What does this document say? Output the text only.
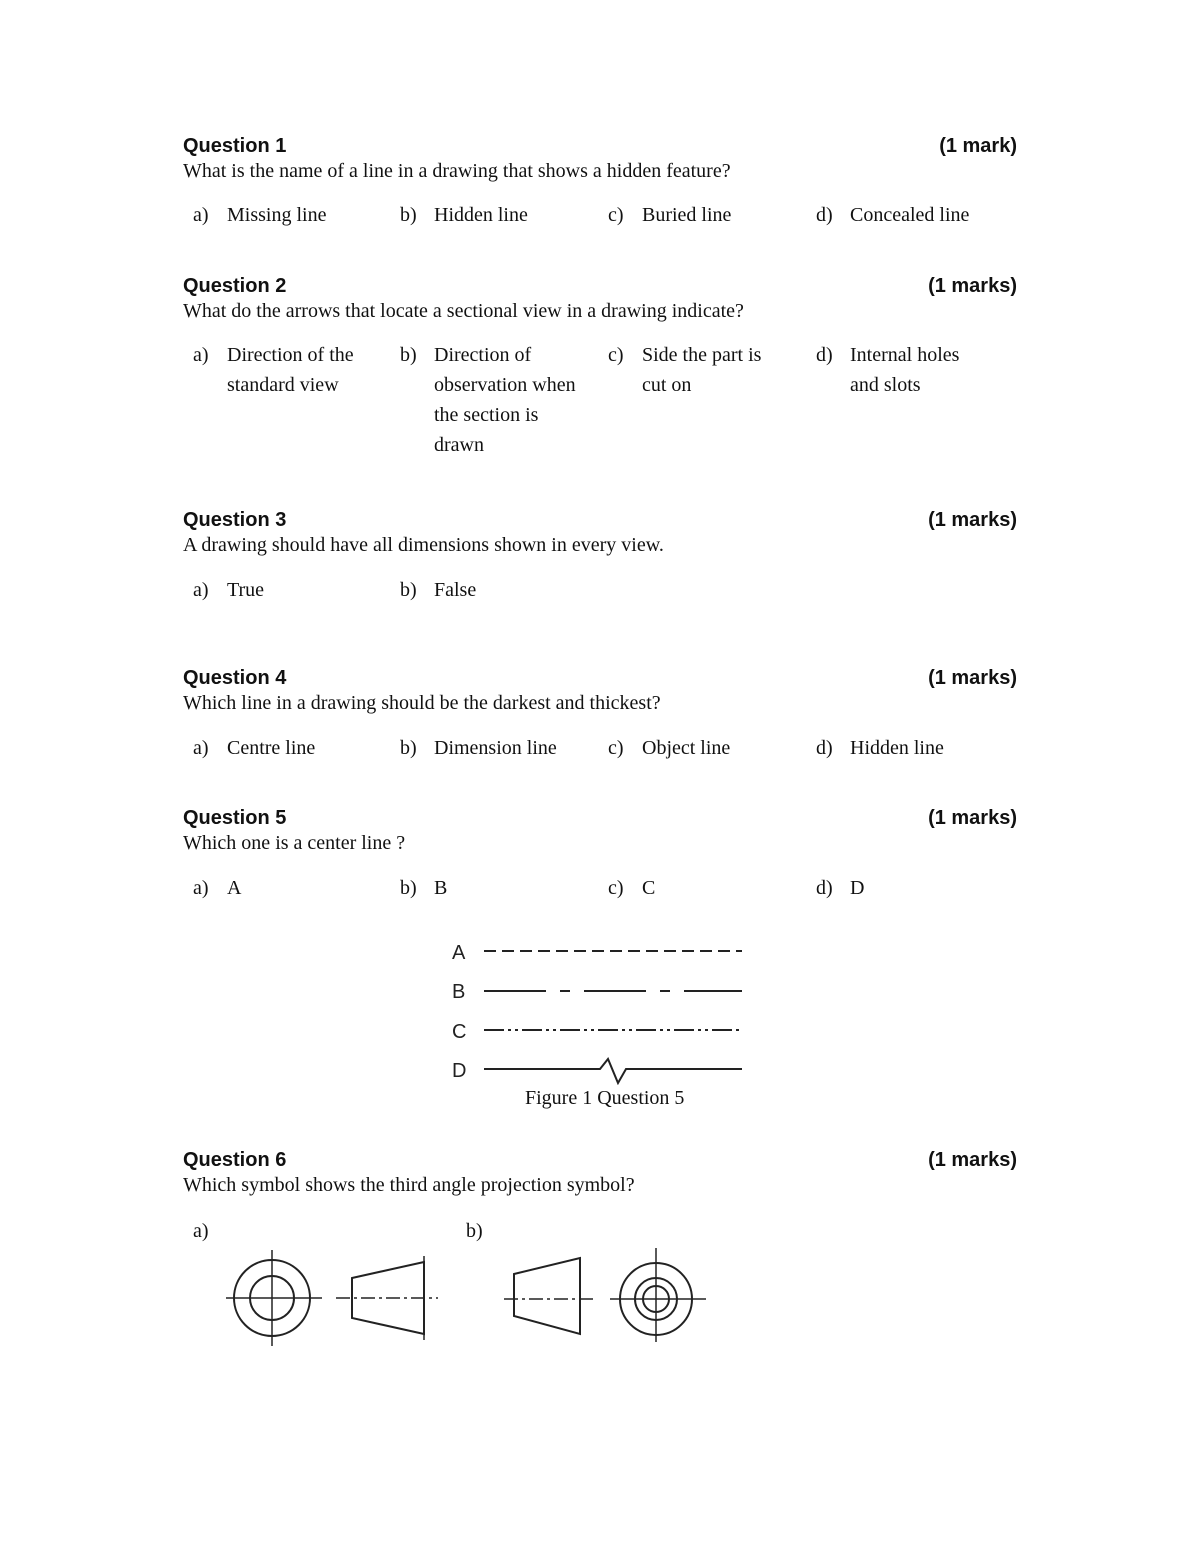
Question 1	(1 mark)
What is the name of a line in a drawing that shows a hidden feature?
a) Missing line	b) Hidden line	c) Buried line	d) Concealed line
Question 2	(1 marks)
What do the arrows that locate a sectional view in a drawing indicate?
a) Direction of the standard view
b) Direction of observation when the section is drawn
c) Side the part is cut on
d) Internal holes and slots
Question 3	(1 marks)
A drawing should have all dimensions shown in every view.
a) True	b) False
Question 4	(1 marks)
Which line in a drawing should be the darkest and thickest?
a) Centre line	b) Dimension line	c) Object line	d) Hidden line
Question 5	(1 marks)
Which one is a center line ?
a) A	b) B	c) C	d) D
A
B
C
D
Figure 1 Question 5
Question 6	(1 marks)
Which symbol shows the third angle projection symbol?
a)	b)
